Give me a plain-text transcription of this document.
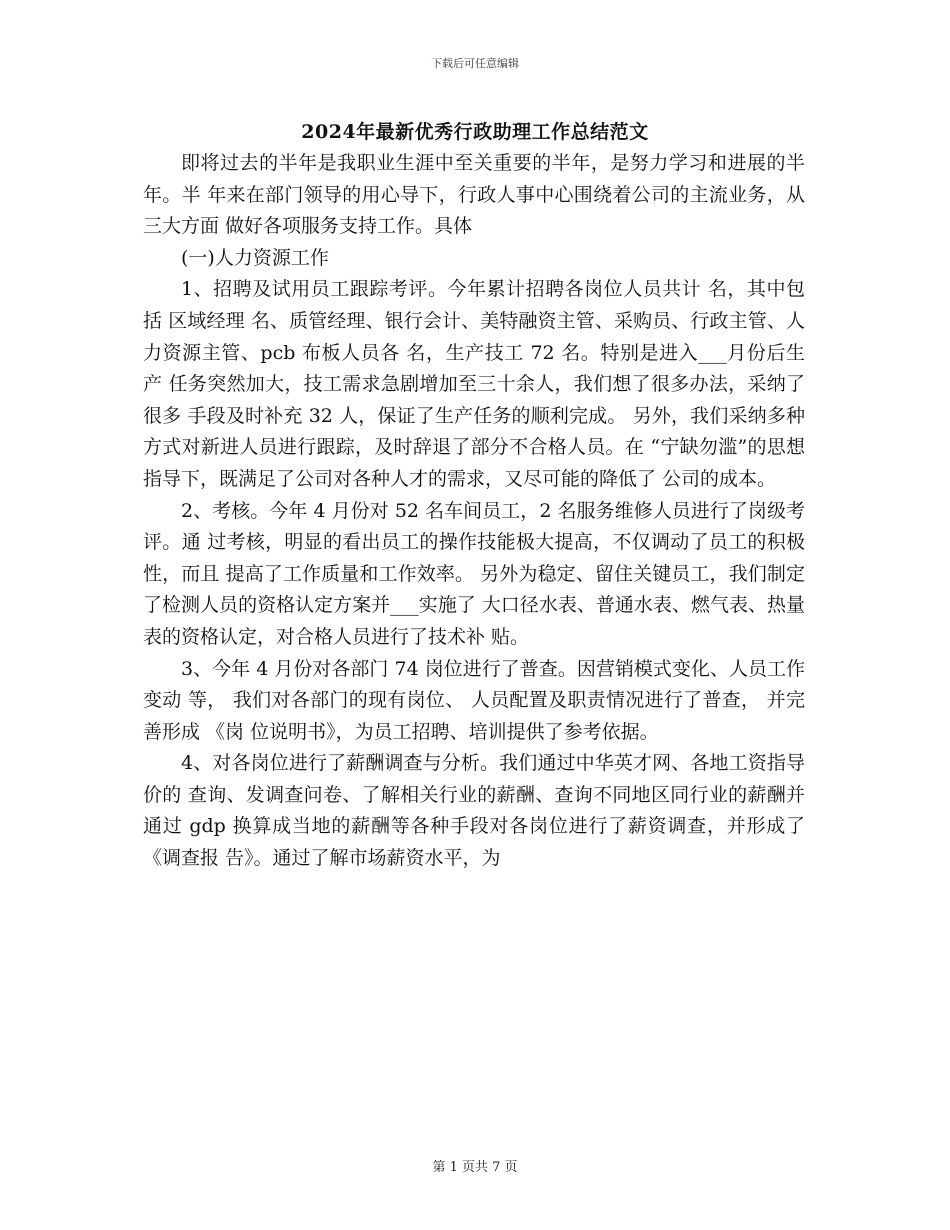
下载后可任意编辑
2024年最新优秀行政助理工作总结范文

即将过去的半年是我职业生涯中至关重要的半年，是努力学习和进展的半年。半 年来在部门领导的用心导下，行政人事中心围绕着公司的主流业务，从三大方面 做好各项服务支持工作。具体

(一)人力资源工作

1、招聘及试用员工跟踪考评。今年累计招聘各岗位人员共计 名，其中包括 区域经理 名、质管经理、银行会计、美特融资主管、采购员、行政主管、人 力资源主管、pcb 布板人员各 名，生产技工 72 名。特别是进入___月份后生产 任务突然加大，技工需求急剧增加至三十余人，我们想了很多办法，采纳了很多 手段及时补充 32 人，保证了生产任务的顺利完成。 另外，我们采纳多种方式对新进人员进行跟踪，及时辞退了部分不合格人员。在 “宁缺勿滥”的思想指导下，既满足了公司对各种人才的需求，又尽可能的降低了 公司的成本。

2、考核。今年 4 月份对 52 名车间员工，2 名服务维修人员进行了岗级考评。通 过考核，明显的看出员工的操作技能极大提高，不仅调动了员工的积极性，而且 提高了工作质量和工作效率。 另外为稳定、留住关键员工，我们制定了检测人员的资格认定方案并___实施了 大口径水表、普通水表、燃气表、热量表的资格认定，对合格人员进行了技术补 贴。

3、今年 4 月份对各部门 74 岗位进行了普查。因营销模式变化、人员工作变动 等， 我们对各部门的现有岗位、 人员配置及职责情况进行了普查， 并完善形成 《岗 位说明书》，为员工招聘、培训提供了参考依据。

4、对各岗位进行了薪酬调查与分析。我们通过中华英才网、各地工资指导价的 查询、发调查问卷、了解相关行业的薪酬、查询不同地区同行业的薪酬并通过 gdp 换算成当地的薪酬等各种手段对各岗位进行了薪资调查，并形成了《调查报 告》。通过了解市场薪资水平，为

第 1 页共 7 页
